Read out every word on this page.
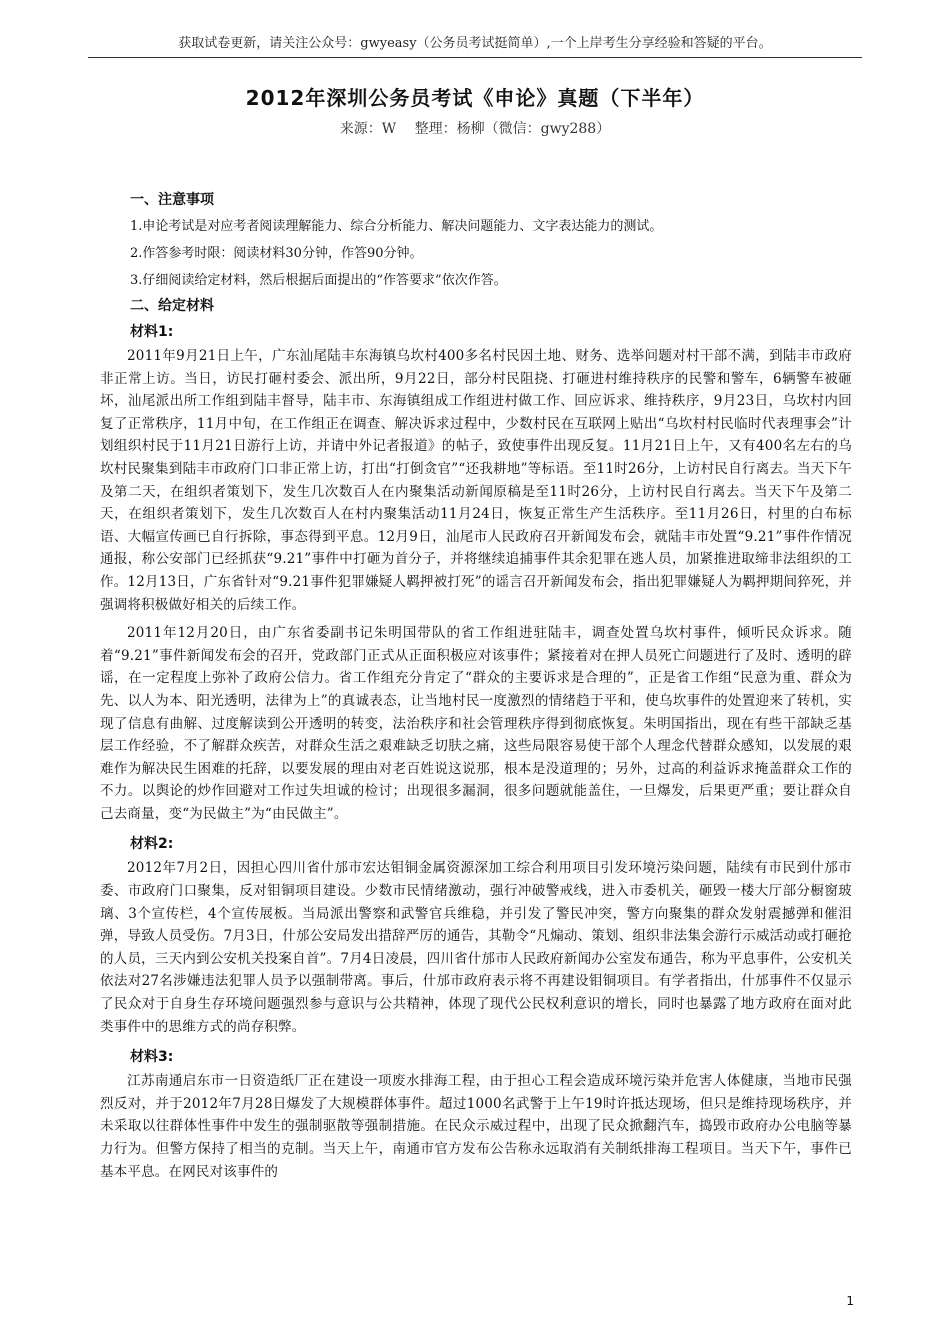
获取试卷更新，请关注公众号：gwyeasy（公务员考试挺简单）,一个上岸考生分享经验和答疑的平台。
2012年深圳公务员考试《申论》真题（下半年）
来源：W　 整理：杨柳（微信：gwy288）

一、注意事项

1.申论考试是对应考者阅读理解能力、综合分析能力、解决问题能力、文字表达能力的测试。

2.作答参考时限：阅读材料30分钟，作答90分钟。

3.仔细阅读给定材料，然后根据后面提出的“作答要求”依次作答。

二、给定材料

材料1:

2011年9月21日上午，广东汕尾陆丰东海镇乌坎村400多名村民因土地、财务、选举问题对村干部不满，到陆丰市政府非正常上访。当日，访民打砸村委会、派出所，9月22日，部分村民阻挠、打砸进村维持秩序的民警和警车，6辆警车被砸坏，汕尾派出所工作组到陆丰督导，陆丰市、东海镇组成工作组进村做工作、回应诉求、维持秩序，9月23日，乌坎村内回复了正常秩序，11月中旬，在工作组正在调查、解决诉求过程中，少数村民在互联网上贴出“乌坎村村民临时代表理事会”计划组织村民于11月21日游行上访，并请中外记者报道》的帖子，致使事件出现反复。11月21日上午，又有400名左右的乌坎村民聚集到陆丰市政府门口非正常上访，打出“打倒贪官”“还我耕地”等标语。至11时26分，上访村民自行离去。当天下午及第二天，在组织者策划下，发生几次数百人在内聚集活动新闻原稿是至11时26分，上访村民自行离去。当天下午及第二天，在组织者策划下，发生几次数百人在村内聚集活动11月24日，恢复正常生产生活秩序。至11月26日，村里的白布标语、大幅宣传画已自行拆除，事态得到平息。12月9日，汕尾市人民政府召开新闻发布会，就陆丰市处置“9.21”事件作情况通报，称公安部门已经抓获“9.21”事件中打砸为首分子，并将继续追捕事件其余犯罪在逃人员，加紧推进取缔非法组织的工作。12月13日，广东省针对“9.21事件犯罪嫌疑人羁押被打死”的谣言召开新闻发布会，指出犯罪嫌疑人为羁押期间猝死，并强调将积极做好相关的后续工作。

2011年12月20日，由广东省委副书记朱明国带队的省工作组进驻陆丰，调查处置乌坎村事件，倾听民众诉求。随着“9.21”事件新闻发布会的召开，党政部门正式从正面积极应对该事件；紧接着对在押人员死亡问题进行了及时、透明的辟谣，在一定程度上弥补了政府公信力。省工作组充分肯定了“群众的主要诉求是合理的”，正是省工作组“民意为重、群众为先、以人为本、阳光透明，法律为上”的真诚表态，让当地村民一度激烈的情绪趋于平和，使乌坎事件的处置迎来了转机，实现了信息有曲解、过度解读到公开透明的转变，法治秩序和社会管理秩序得到彻底恢复。朱明国指出，现在有些干部缺乏基层工作经验，不了解群众疾苦，对群众生活之艰难缺乏切肤之痛，这些局限容易使干部个人理念代替群众感知，以发展的艰难作为解决民生困难的托辞，以要发展的理由对老百姓说这说那，根本是没道理的；另外，过高的利益诉求掩盖群众工作的不力。以舆论的炒作回避对工作过失坦诚的检讨；出现很多漏洞，很多问题就能盖住，一旦爆发，后果更严重；要让群众自己去商量，变“为民做主”为“由民做主”。

材料2:

2012年7月2日，因担心四川省什邡市宏达钼铜金属资源深加工综合利用项目引发环境污染问题，陆续有市民到什邡市委、市政府门口聚集，反对钼铜项目建设。少数市民情绪激动，强行冲破警戒线，进入市委机关，砸毁一楼大厅部分橱窗玻璃、3个宣传栏，4个宣传展板。当局派出警察和武警官兵维稳，并引发了警民冲突，警方向聚集的群众发射震撼弹和催泪弹，导致人员受伤。7月3日，什邡公安局发出措辞严厉的通告，其勒令“凡煽动、策划、组织非法集会游行示威活动或打砸抢的人员，三天内到公安机关投案自首”。7月4日凌晨，四川省什邡市人民政府新闻办公室发布通告，称为平息事件，公安机关依法对27名涉嫌违法犯罪人员予以强制带离。事后，什邡市政府表示将不再建设钼铜项目。有学者指出，什邡事件不仅显示了民众对于自身生存环境问题强烈参与意识与公共精神，体现了现代公民权利意识的增长，同时也暴露了地方政府在面对此类事件中的思维方式的尚存积弊。

材料3:

江苏南通启东市一日资造纸厂正在建设一项废水排海工程，由于担心工程会造成环境污染并危害人体健康，当地市民强烈反对，并于2012年7月28日爆发了大规模群体事件。超过1000名武警于上午19时许抵达现场，但只是维持现场秩序，并未采取以往群体性事件中发生的强制驱散等强制措施。在民众示威过程中，出现了民众掀翻汽车，捣毁市政府办公电脑等暴力行为。但警方保持了相当的克制。当天上午，南通市官方发布公告称永远取消有关制纸排海工程项目。当天下午，事件已基本平息。在网民对该事件的

1
